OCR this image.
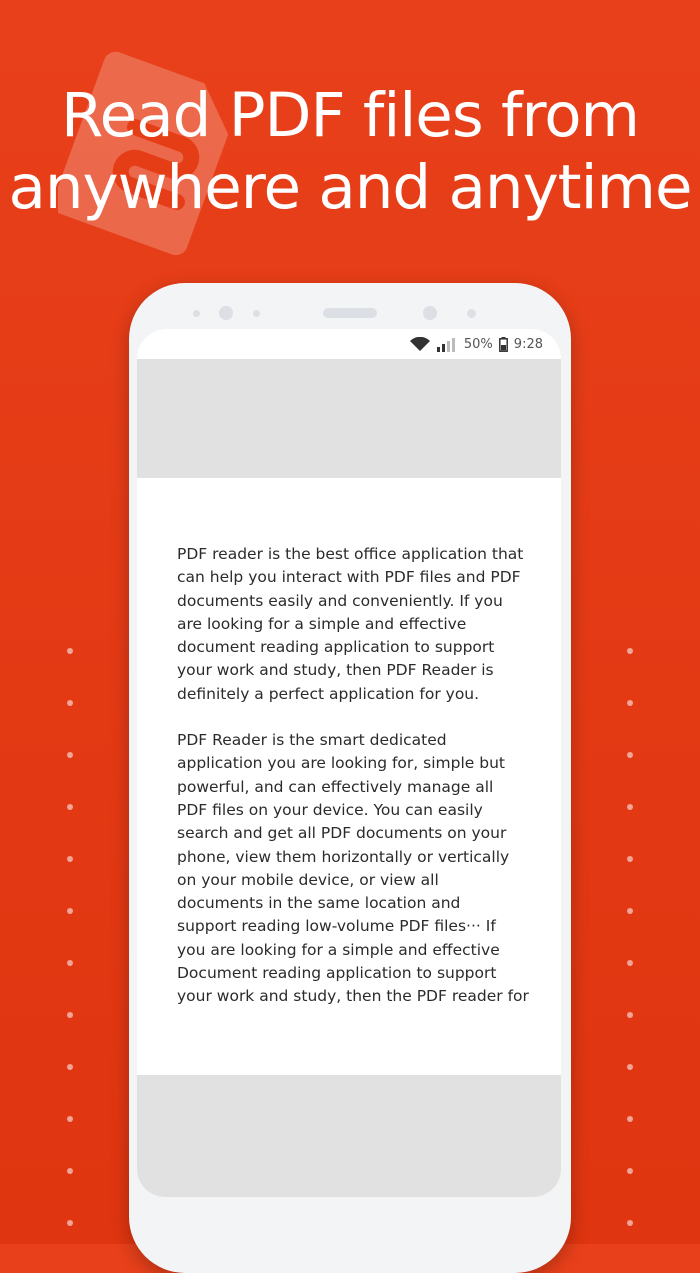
Read PDF files from
anywhere and anytime
50% 9:28

PDF reader is the best office application that
can help you interact with PDF files and PDF
documents easily and conveniently. If you
are looking for a simple and effective
document reading application to support
your work and study, then PDF Reader is
definitely a perfect application for you.

PDF Reader is the smart dedicated
application you are looking for, simple but
powerful, and can effectively manage all
PDF files on your device. You can easily
search and get all PDF documents on your
phone, view them horizontally or vertically
on your mobile device, or view all
documents in the same location and
support reading low-volume PDF files··· If
you are looking for a simple and effective
Document reading application to support
your work and study, then the PDF reader for
